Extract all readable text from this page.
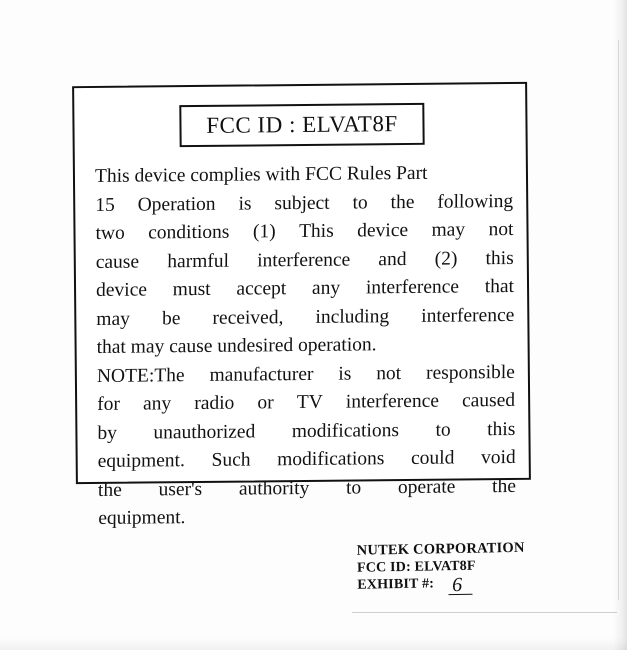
FCC ID : ELVAT8F
This device complies with FCC Rules Part
15 Operation is subject to the following
two conditions (1) This device may not
cause harmful interference and (2) this
device must accept any interference that
may be received, including interference
that may cause undesired operation.
NOTE:The manufacturer is not responsible
for any radio or TV interference caused
by unauthorized modifications to this
equipment. Such modifications could void
the user's authority to operate the
equipment.
NUTEK CORPORATION
FCC ID: ELVAT8F
EXHIBIT #: 6
